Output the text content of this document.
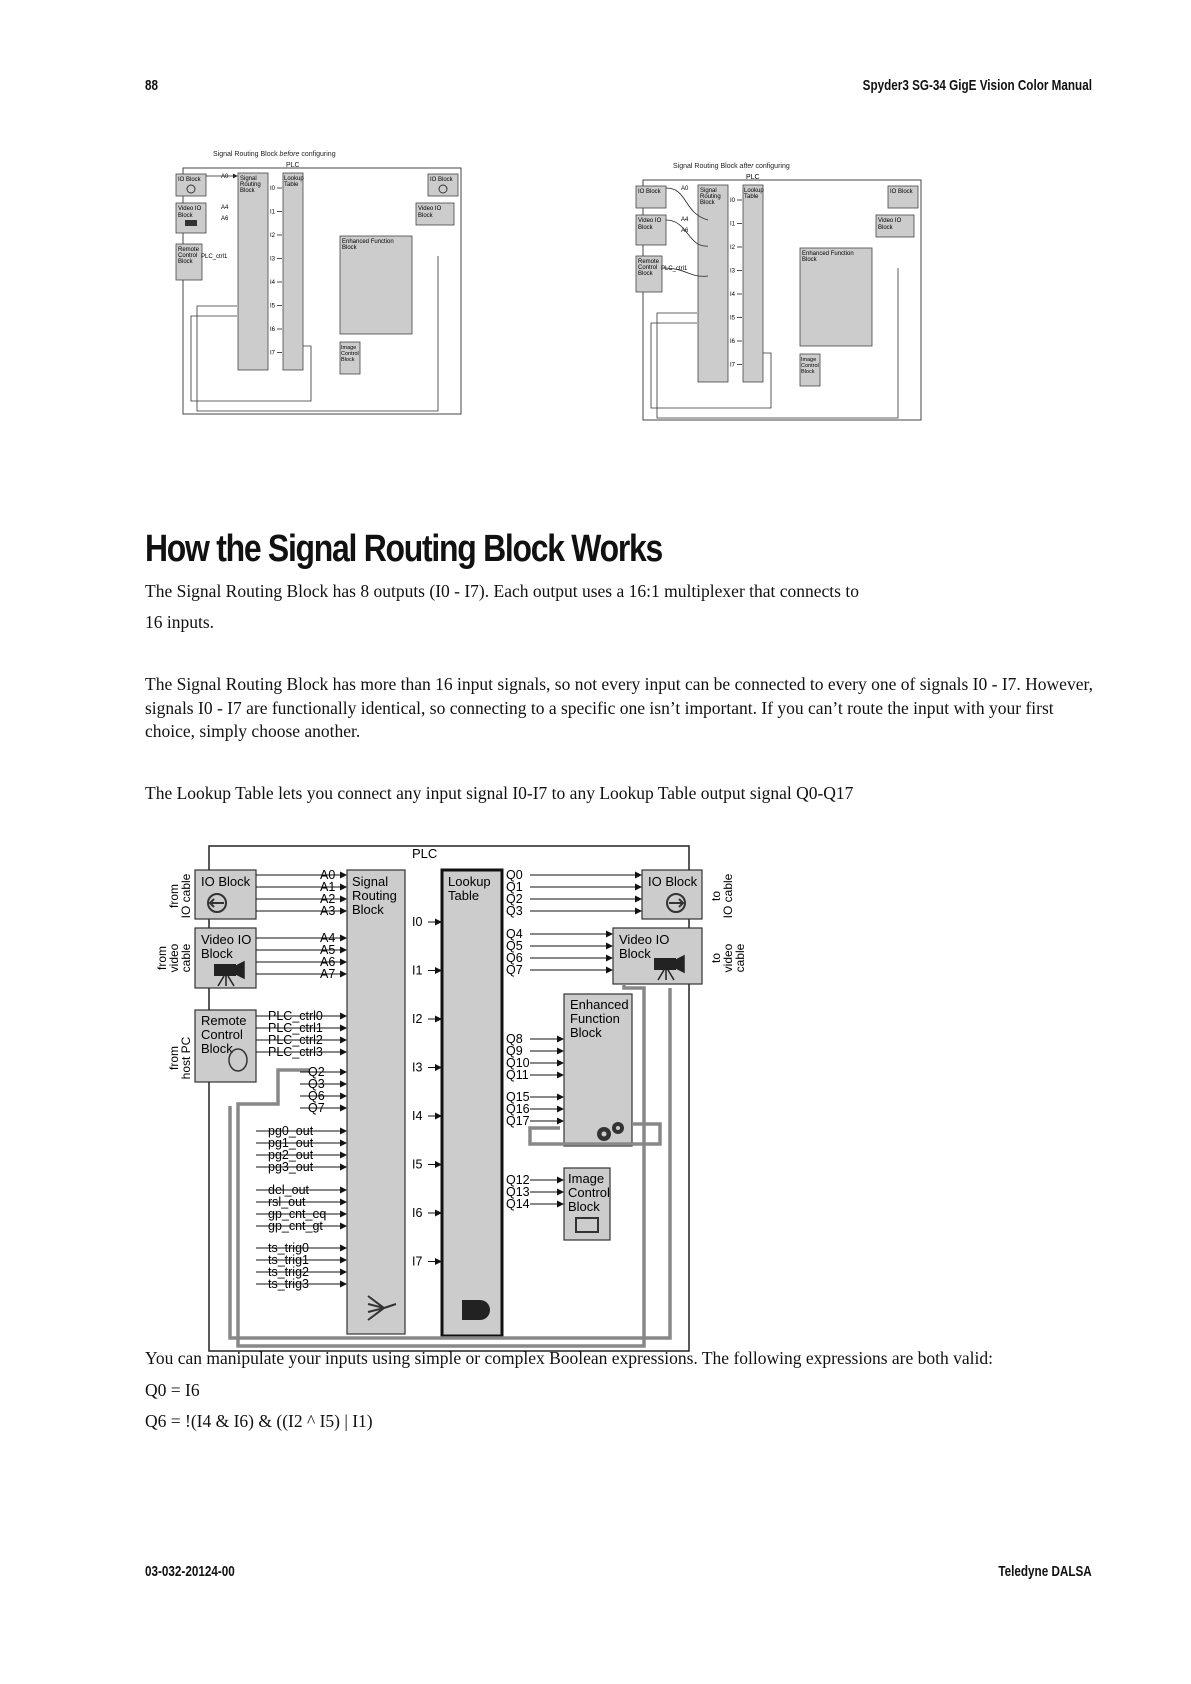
88	Spyder3 SG-34 GigE Vision Color Manual
Signal Routing Block before configuring
PLC
IO Block
Video IO
Block
Remote
Control
Block
Signal
Routing
Block
Lookup
Table
IO Block
Video IO
Block
Enhanced Function
Block
Image
Control
Block
A0
A4
A6
PLC_ctrl1
I0
I1
I2
I3
I4
I5
I6
I7
Signal Routing Block after configuring
PLC
IO Block
Video IO
Block
Remote
Control
Block
Signal
Routing
Block
Lookup
Table
IO Block
Video IO
Block
Enhanced Function
Block
Image
Control
Block
A0
A4
A6
PLC_ctrl1
I0
I1
I2
I3
I4
I5
I6
I7
How the Signal Routing Block Works

The Signal Routing Block has 8 outputs (I0 - I7). Each output uses a 16:1 multiplexer that connects to

16 inputs.

The Signal Routing Block has more than 16 input signals, so not every input can be connected to every one of signals I0 - I7. However, signals I0 - I7 are functionally identical, so connecting to a specific one isn’t important. If you can’t route the input with your first choice, simply choose another.

The Lookup Table lets you connect any input signal I0-I7 to any Lookup Table output signal Q0-Q17

PLC
from
IO cable
from
video
cable
from
host PC
to
IO cable
to
video
cable
IO Block
Video IO
Block
Remote
Control
Block
Signal
Routing
Block
Lookup
Table
IO Block
Video IO
Block
Enhanced
Function
Block
Image
Control
Block
A0
A1
A2
A3
A4
A5
A6
A7
PLC_ctrl0
PLC_ctrl1
PLC_ctrl2
PLC_ctrl3
Q2
Q3
Q6
Q7
pg0_out
pg1_out
pg2_out
pg3_out
del_out
rsl_out
gp_cnt_eq
gp_cnt_gt
ts_trig0
ts_trig1
ts_trig2
ts_trig3
I0
I1
I2
I3
I4
I5
I6
I7
Q0
Q1
Q2
Q3
Q4
Q5
Q6
Q7
Q8
Q9
Q10
Q11
Q15
Q16
Q17
Q12
Q13
Q14

You can manipulate your inputs using simple or complex Boolean expressions. The following expressions are both valid:

Q0 = I6

Q6 = !(I4 & I6) & ((I2 ^ I5) | I1)

03-032-20124-00	Teledyne DALSA
